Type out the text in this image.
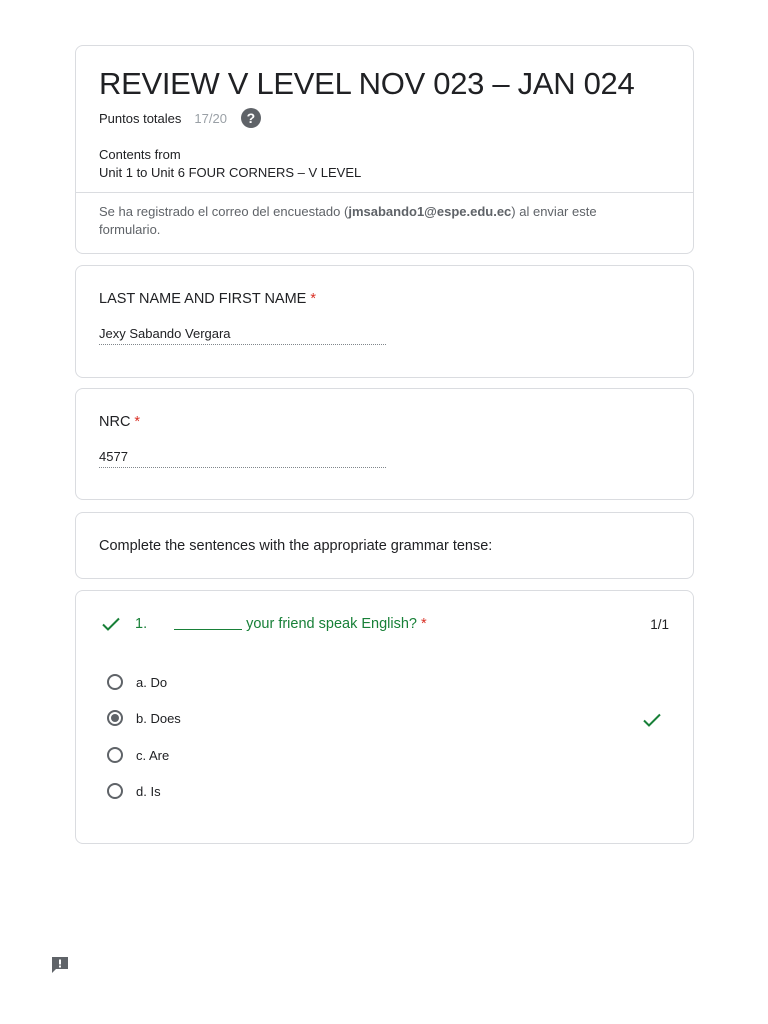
REVIEW V LEVEL NOV 023 – JAN 024
Puntos totales 17/20	?
Contents from
Unit 1 to Unit 6 FOUR CORNERS – V LEVEL
Se ha registrado el correo del encuestado (jmsabando1@espe.edu.ec) al enviar este formulario.
LAST NAME AND FIRST NAME *
Jexy Sabando Vergara
NRC *
4577
Complete the sentences with the appropriate grammar tense:
1.	your friend speak English? *	1/1
a. Do
b. Does
c. Are
d. Is
